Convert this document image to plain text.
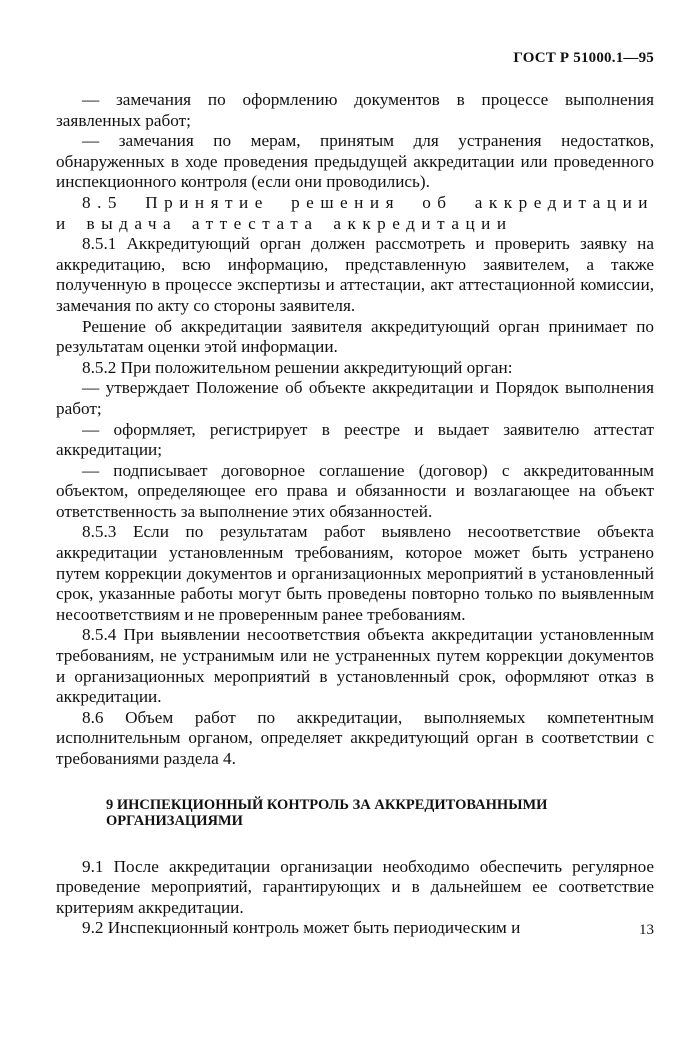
ГОСТ Р 51000.1—95

— замечания по оформлению документов в процессе выполнения заявленных работ;

— замечания по мерам, принятым для устранения недостатков, обнаруженных в ходе проведения предыдущей аккредитации или проведенного инспекционного контроля (если они проводились).

8.5 Принятие решения об аккредитации и выдача аттестата аккредитации

8.5.1 Аккредитующий орган должен рассмотреть и проверить заявку на аккредитацию, всю информацию, представленную заявителем, а также полученную в процессе экспертизы и аттестации, акт аттестационной комиссии, замечания по акту со стороны заявителя.

Решение об аккредитации заявителя аккредитующий орган принимает по результатам оценки этой информации.

8.5.2 При положительном решении аккредитующий орган:

— утверждает Положение об объекте аккредитации и Порядок выполнения работ;

— оформляет, регистрирует в реестре и выдает заявителю аттестат аккредитации;

— подписывает договорное соглашение (договор) с аккредитованным объектом, определяющее его права и обязанности и возлагающее на объект ответственность за выполнение этих обязанностей.

8.5.3 Если по результатам работ выявлено несоответствие объекта аккредитации установленным требованиям, которое может быть устранено путем коррекции документов и организационных мероприятий в установленный срок, указанные работы могут быть проведены повторно только по выявленным несоответствиям и не проверенным ранее требованиям.

8.5.4 При выявлении несоответствия объекта аккредитации установленным требованиям, не устранимым или не устраненных путем коррекции документов и организационных мероприятий в установленный срок, оформляют отказ в аккредитации.

8.6 Объем работ по аккредитации, выполняемых компетентным исполнительным органом, определяет аккредитующий орган в соответствии с требованиями раздела 4.

9 ИНСПЕКЦИОННЫЙ КОНТРОЛЬ ЗА АККРЕДИТОВАННЫМИ ОРГАНИЗАЦИЯМИ

9.1 После аккредитации организации необходимо обеспечить регулярное проведение мероприятий, гарантирующих и в дальнейшем ее соответствие критериям аккредитации.

9.2 Инспекционный контроль может быть периодическим и	13
